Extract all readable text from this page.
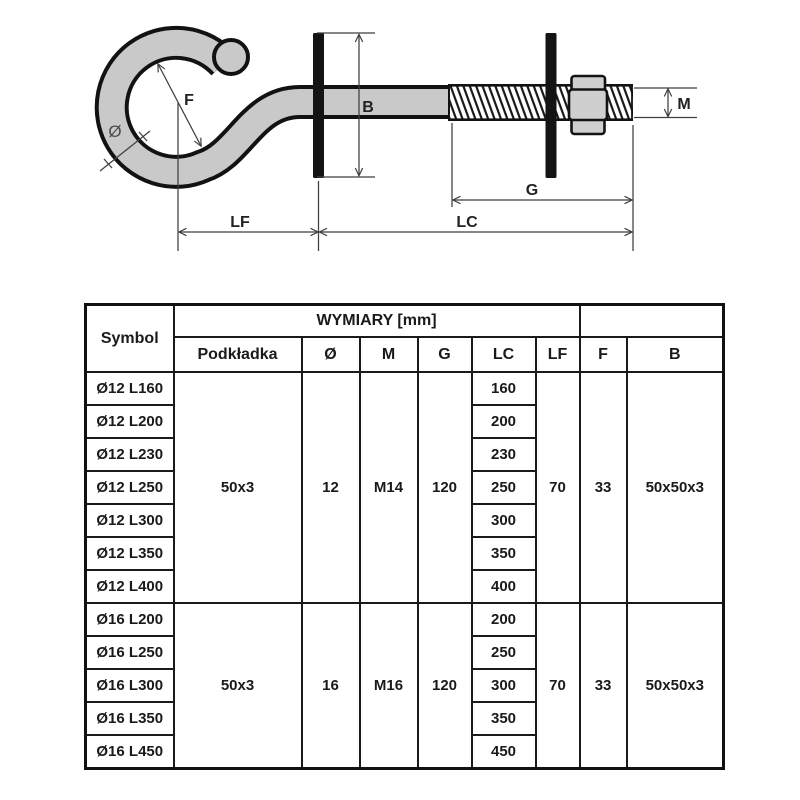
F
Ø
B	M
G
LF	LC
Symbol	WYMIARY [mm]							
	Podkładka	Ø	M	G	LC	LF	F	B
Ø12 L160	50x3	12	M14	120	160	70	33	50x50x3
Ø12 L200					200			
Ø12 L230					230			
Ø12 L250					250			
Ø12 L300					300			
Ø12 L350					350			
Ø12 L400					400			
Ø16 L200	50x3	16	M16	120	200	70	33	50x50x3
Ø16 L250					250			
Ø16 L300					300			
Ø16 L350					350			
Ø16 L450					450			
